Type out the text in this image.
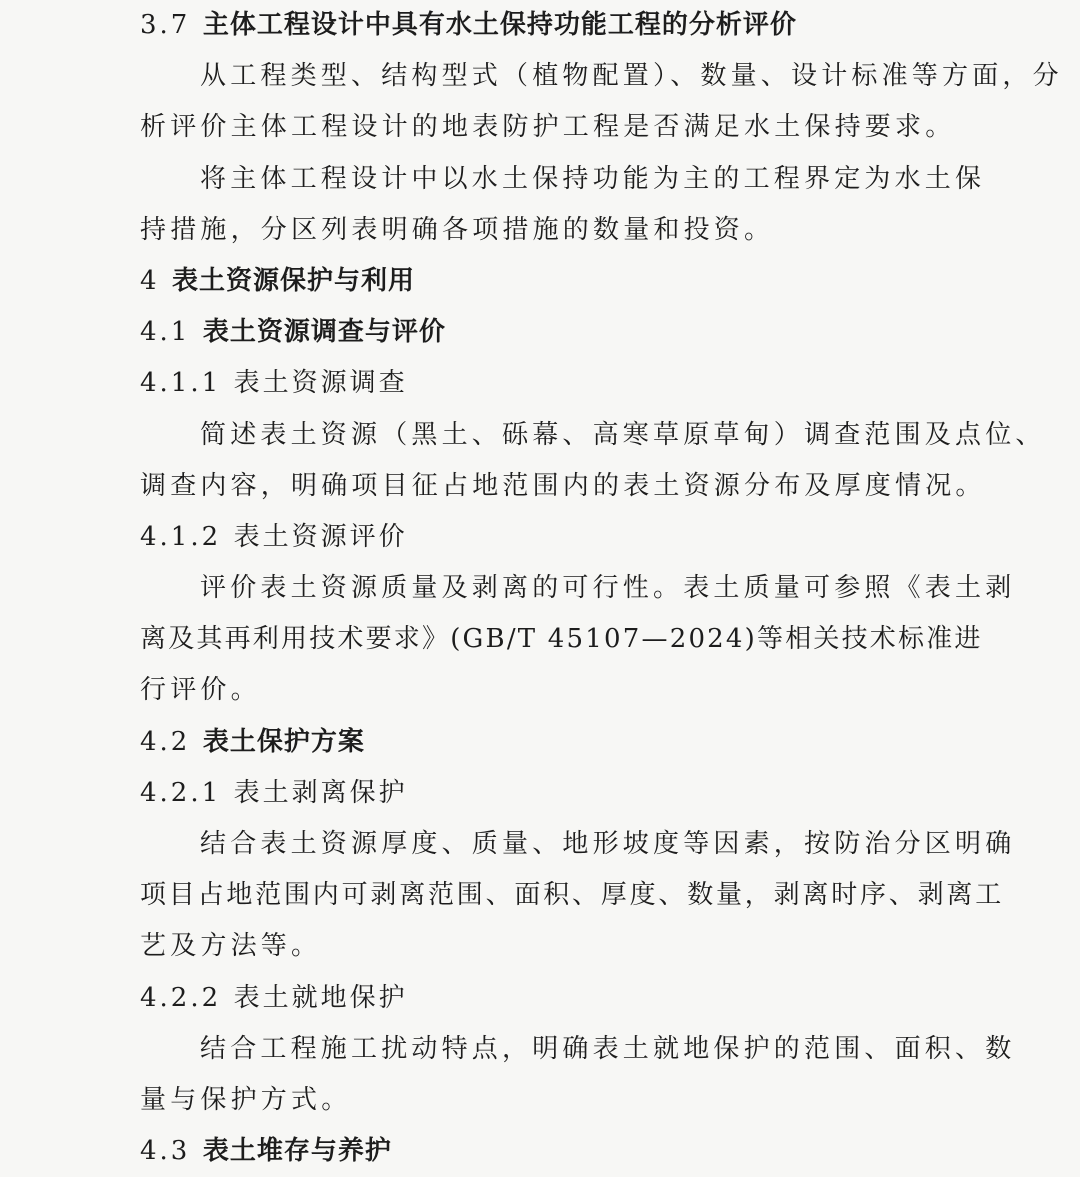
3.7 主体工程设计中具有水土保持功能工程的分析评价
从工程类型、结构型式（植物配置）、数量、设计标准等方面，分
析评价主体工程设计的地表防护工程是否满足水土保持要求。
将主体工程设计中以水土保持功能为主的工程界定为水土保
持措施，分区列表明确各项措施的数量和投资。
4 表土资源保护与利用
4.1 表土资源调查与评价
4.1.1 表土资源调查
简述表土资源（黑土、砾幕、高寒草原草甸）调查范围及点位、
调查内容，明确项目征占地范围内的表土资源分布及厚度情况。
4.1.2 表土资源评价
评价表土资源质量及剥离的可行性。表土质量可参照《表土剥
离及其再利用技术要求》(GB/T 45107—2024)等相关技术标准进
行评价。
4.2 表土保护方案
4.2.1 表土剥离保护
结合表土资源厚度、质量、地形坡度等因素，按防治分区明确
项目占地范围内可剥离范围、面积、厚度、数量，剥离时序、剥离工
艺及方法等。
4.2.2 表土就地保护
结合工程施工扰动特点，明确表土就地保护的范围、面积、数
量与保护方式。
4.3 表土堆存与养护
